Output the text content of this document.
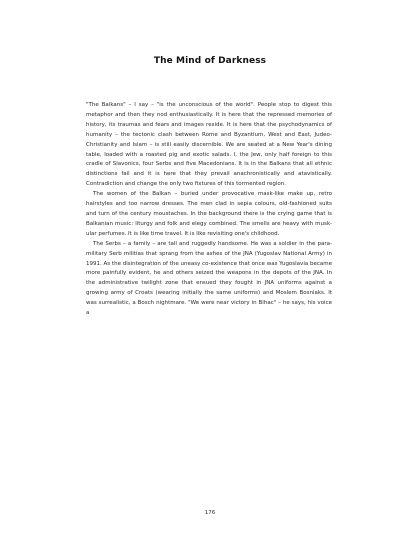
The Mind of Darkness

"The Balkans" – I say – "is the unconscious of the world". People stop to digest this metaphor and then they nod enthusiastically. It is here that the repressed memories of history, its traumas and fears and images reside. It is here that the psychodynamics of humanity – the tectonic clash between Rome and Byzantium, West and East, Judeo-Christianity and Islam – is still easily discernible. We are seated at a New Year's dining table, loaded with a roasted pig and exotic salads. I, the Jew, only half foreign to this cradle of Slavonics, four Serbs and five Macedonians. It is in the Balkans that all ethnic distinctions fail and it is here that they prevail anachronistically and atavistically. Contradiction and change the only two fixtures of this tormented region.

The women of the Balkan – buried under provocative mask-like make up, retro hairstyles and too narrow dresses. The men clad in sepia colours, old-fashioned suits and turn of the century moustaches. In the background there is the crying game that is Balkanian music: liturgy and folk and elegy combined. The smells are heavy with musk-ular perfumes. It is like time travel. It is like revisiting one's childhood.

The Serbs – a family – are tall and ruggedly handsome. He was a soldier in the para-military Serb militias that sprang from the ashes of the JNA (Yugoslav National Army) in 1991. As the disintegration of the uneasy co-existence that once was Yugoslavia became more painfully evident, he and others seized the weapons in the depots of the JNA. In the administrative twilight zone that ensued they fought in JNA uniforms against a growing army of Croats (wearing initially the same uniforms) and Moslem Bosniaks. It was surrealistic, a Bosch nightmare. "We were near victory in Bihac" – he says, his voice a

176
